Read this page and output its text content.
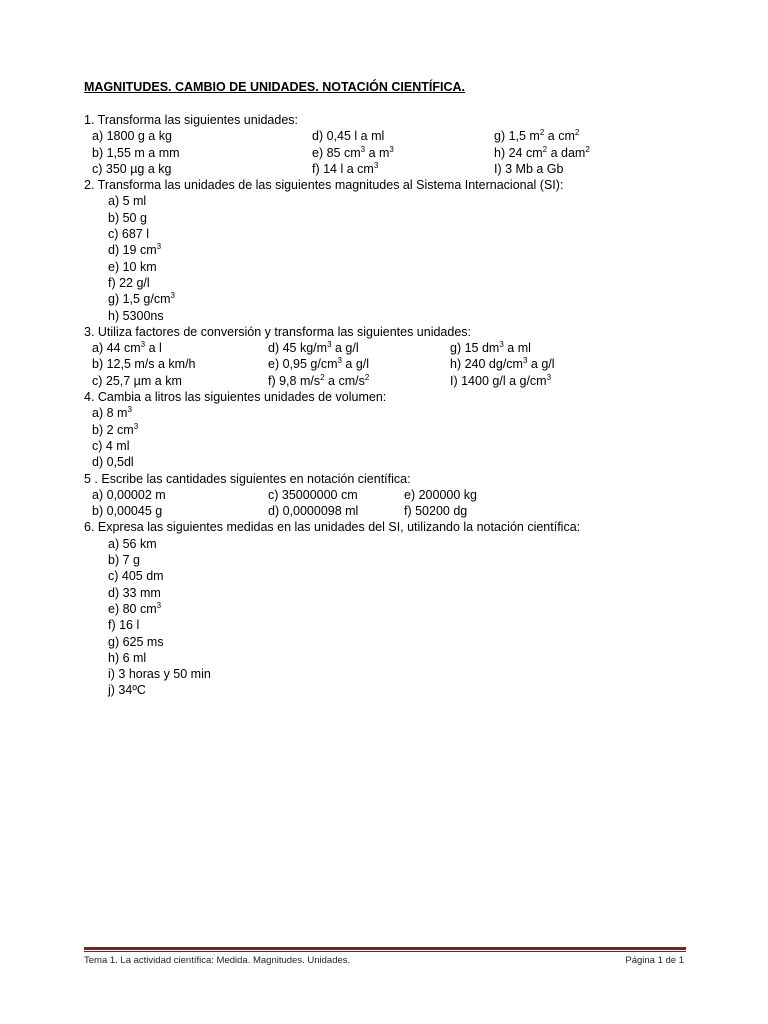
MAGNITUDES. CAMBIO DE UNIDADES. NOTACIÓN CIENTÍFICA.
1. Transforma las siguientes unidades:
a) 1800 g a kg	d) 0,45 l a ml	g) 1,5 $m^2$ a $cm^2$
b) 1,55 m a mm	e) 85 $cm^3$ a $m^3$	h) 24 $cm^2$ a dam$^2$
c) 350 µg a kg	f) 14 l a $cm^3$	I) 3 Mb a Gb
2. Transforma las unidades de las siguientes magnitudes al Sistema Internacional (SI):
a) 5 ml
b) 50 g
c) 687 l
d) 19 $cm^3$
e) 10 km
f) 22 g/l
g) 1,5 $g/cm^3$
h) 5300ns
3. Utiliza factores de conversión y transforma las siguientes unidades:
a) 44 $cm^3$ a l	d) 45 $kg/m^3$ a g/l	g) 15 $dm^3$ a ml
b) 12,5 m/s a km/h	e) 0,95 $g/cm^3$ a g/l	h) 240 $dg/cm^3$ a g/l
c) 25,7 µm a km	f) 9,8 $m/s^2$ a $cm/s^2$	I) 1400 g/l a $g/cm^3$
4. Cambia a litros las siguientes unidades de volumen:
a) 8 $m^3$
b) 2 $cm^3$
c) 4 ml
d) 0,5dl
5 . Escribe las cantidades siguientes en notación científica:
a) 0,00002 m	c) 35000000 cm	e) 200000 kg
b) 0,00045 g	d) 0,0000098 ml	f) 50200 dg
6. Expresa las siguientes medidas en las unidades del SI, utilizando la notación científica:
a) 56 km
b) 7 g
c) 405 dm
d) 33 mm
e) 80 $cm^3$
f) 16 l
g) 625 ms
h) 6 ml
i) 3 horas y 50 min
j) 34ºC
Tema 1. La actividad científica: Medida. Magnitudes. Unidades.	Página 1 de 1
